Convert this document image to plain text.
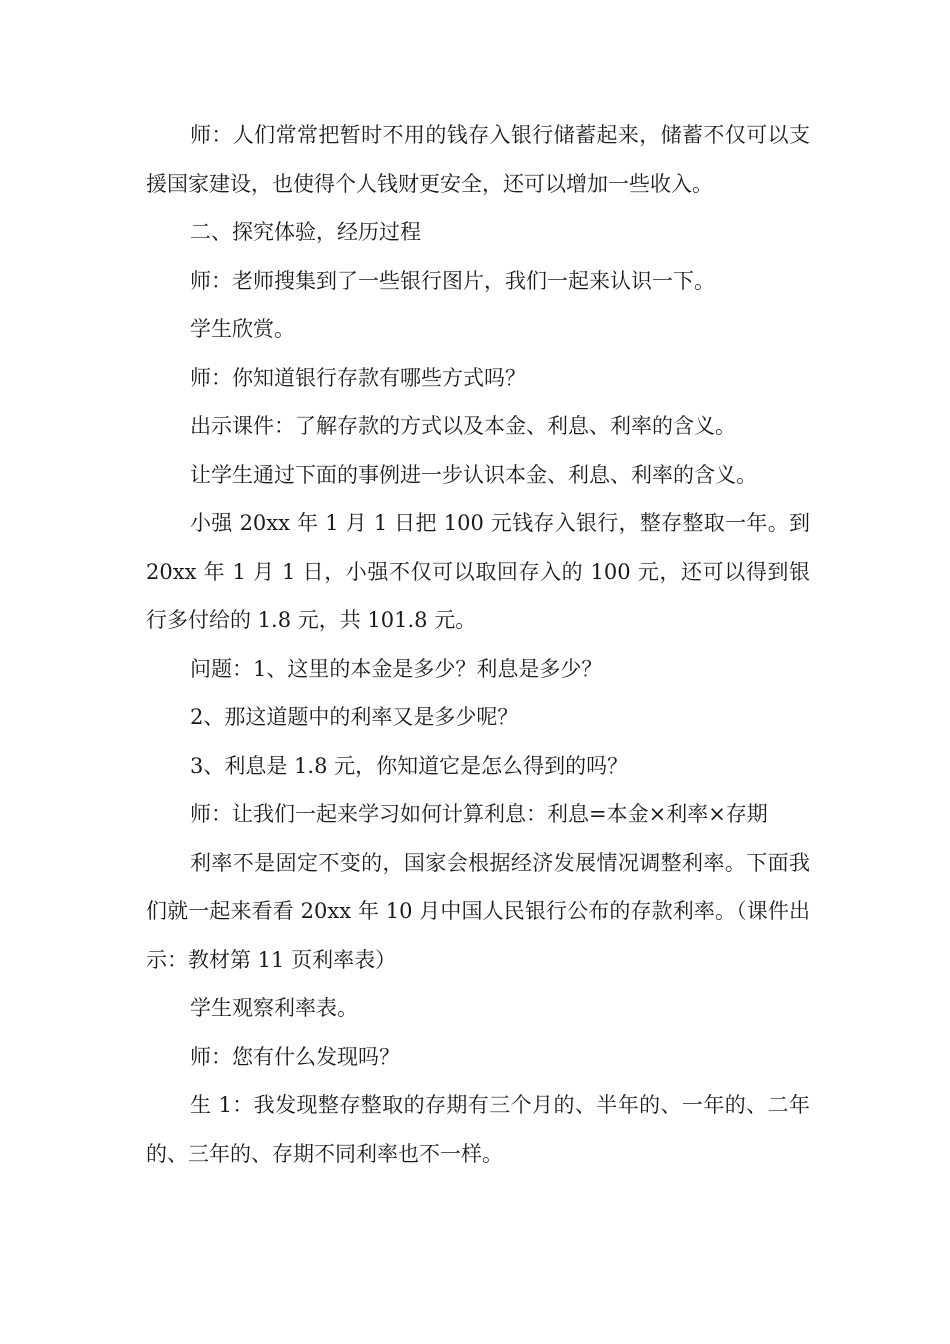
师：人们常常把暂时不用的钱存入银行储蓄起来，储蓄不仅可以支援国家建设，也使得个人钱财更安全，还可以增加一些收入。

二、探究体验，经历过程

师：老师搜集到了一些银行图片，我们一起来认识一下。

学生欣赏。

师：你知道银行存款有哪些方式吗？

出示课件：了解存款的方式以及本金、利息、利率的含义。

让学生通过下面的事例进一步认识本金、利息、利率的含义。

小强 20xx 年 1 月 1 日把 100 元钱存入银行，整存整取一年。到 20xx 年 1 月 1 日，小强不仅可以取回存入的 100 元，还可以得到银行多付给的 1.8 元，共 101.8 元。

问题：1、这里的本金是多少？利息是多少？

2、那这道题中的利率又是多少呢？

3、利息是 1.8 元，你知道它是怎么得到的吗？

师：让我们一起来学习如何计算利息：利息=本金×利率×存期

利率不是固定不变的，国家会根据经济发展情况调整利率。下面我们就一起来看看 20xx 年 10 月中国人民银行公布的存款利率。（课件出示：教材第 11 页利率表）

学生观察利率表。

师：您有什么发现吗？

生 1：我发现整存整取的存期有三个月的、半年的、一年的、二年的、三年的、存期不同利率也不一样。
